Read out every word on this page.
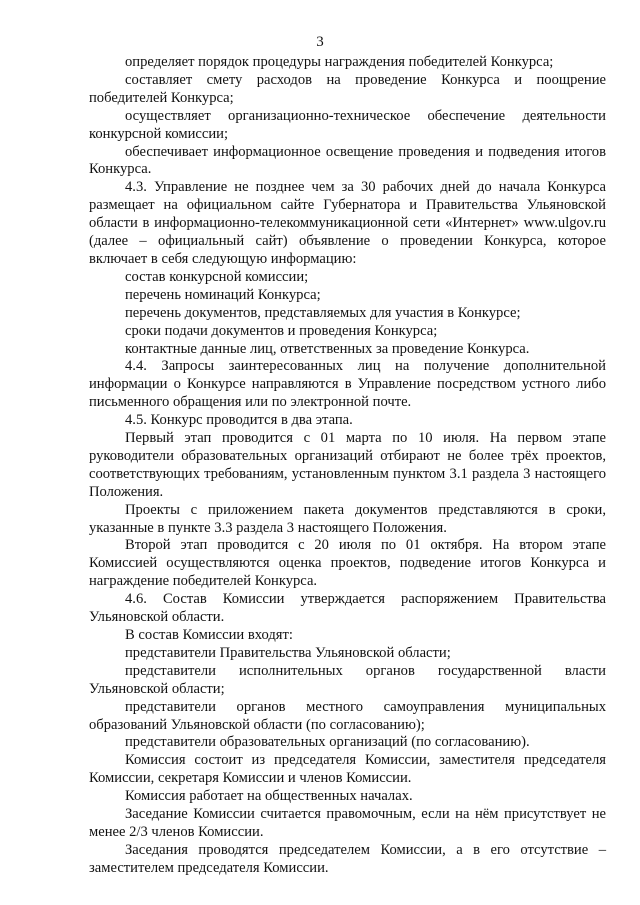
3

определяет порядок процедуры награждения победителей Конкурса;

составляет смету расходов на проведение Конкурса и поощрение победителей Конкурса;

осуществляет организационно-техническое обеспечение деятельности конкурсной комиссии;

обеспечивает информационное освещение проведения и подведения итогов Конкурса.

4.3. Управление не позднее чем за 30 рабочих дней до начала Конкурса размещает на официальном сайте Губернатора и Правительства Ульяновской области в информационно-телекоммуникационной сети «Интернет» www.ulgov.ru (далее – официальный сайт) объявление о проведении Конкурса, которое включает в себя следующую информацию:

состав конкурсной комиссии;

перечень номинаций Конкурса;

перечень документов, представляемых для участия в Конкурсе;

сроки подачи документов и проведения Конкурса;

контактные данные лиц, ответственных за проведение Конкурса.

4.4. Запросы заинтересованных лиц на получение дополнительной информации о Конкурсе направляются в Управление посредством устного либо письменного обращения или по электронной почте.

4.5. Конкурс проводится в два этапа.

Первый этап проводится с 01 марта по 10 июля. На первом этапе руководители образовательных организаций отбирают не более трёх проектов, соответствующих требованиям, установленным пунктом 3.1 раздела 3 настоящего Положения.

Проекты с приложением пакета документов представляются в сроки, указанные в пункте 3.3 раздела 3 настоящего Положения.

Второй этап проводится с 20 июля по 01 октября. На втором этапе Комиссией осуществляются оценка проектов, подведение итогов Конкурса и награждение победителей Конкурса.

4.6. Состав Комиссии утверждается распоряжением Правительства Ульяновской области.

В состав Комиссии входят:

представители Правительства Ульяновской области;

представители исполнительных органов государственной власти Ульяновской области;

представители органов местного самоуправления муниципальных образований Ульяновской области (по согласованию);

представители образовательных организаций (по согласованию).

Комиссия состоит из председателя Комиссии, заместителя председателя Комиссии, секретаря Комиссии и членов Комиссии.

Комиссия работает на общественных началах.

Заседание Комиссии считается правомочным, если на нём присутствует не менее 2/3 членов Комиссии.

Заседания проводятся председателем Комиссии, а в его отсутствие – заместителем председателя Комиссии.
